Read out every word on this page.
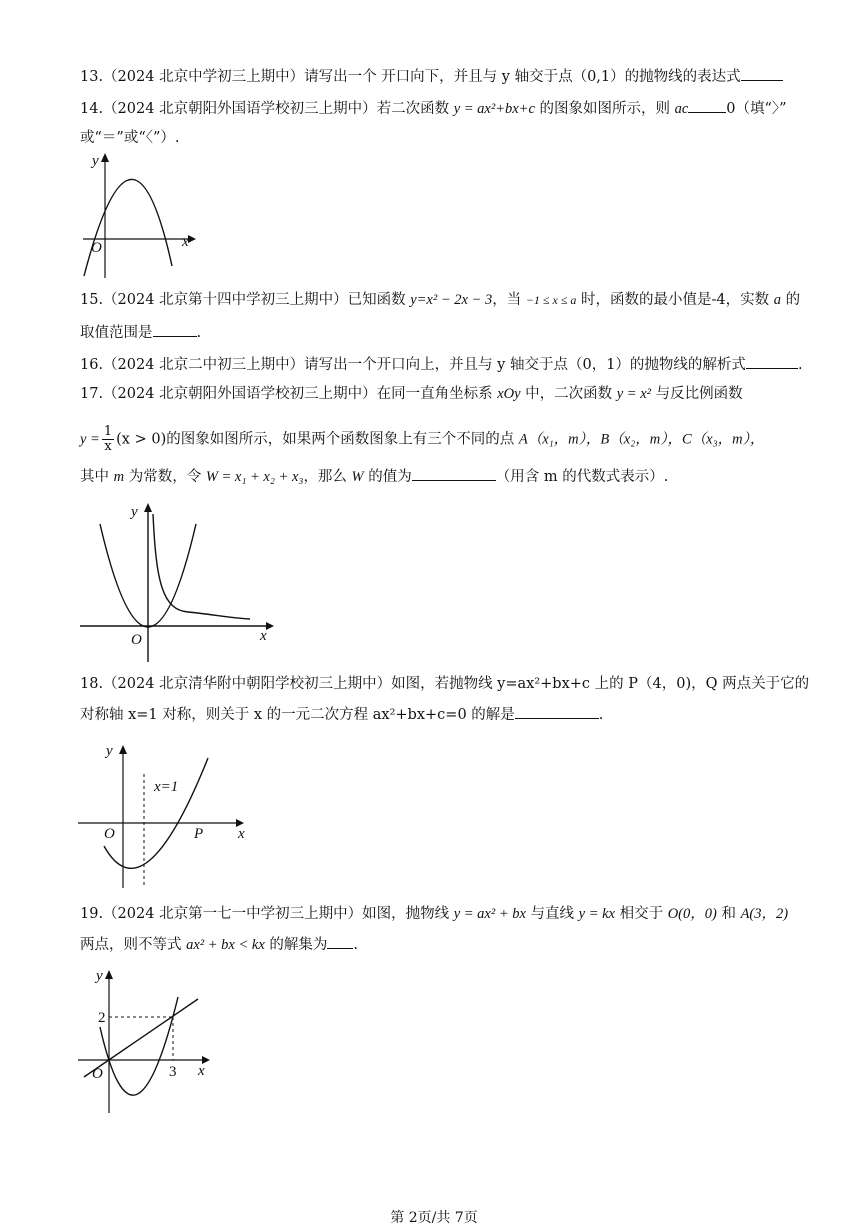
13.（2024 北京中学初三上期中）请写出一个 开口向下，并且与 y 轴交于点（0,1）的抛物线的表达式
14.（2024 北京朝阳外国语学校初三上期中）若二次函数 y = ax²+bx+c 的图象如图所示，则 ac	0（填“〉”
或“＝”或“〈”）.
y
x
O
15.（2024 北京第十四中学初三上期中）已知函数 y=x² − 2x − 3，当 −1 ≤ x ≤ a 时，函数的最小值是-4，实数 a 的
取值范围是	.
16.（2024 北京二中初三上期中）请写出一个开口向上，并且与 y 轴交于点（0，1）的抛物线的解析式	.
17.（2024 北京朝阳外国语学校初三上期中）在同一直角坐标系 xOy 中，二次函数 y = x² 与反比例函数
$y = \frac{1}{x} (x > 0)$的图象如图所示，如果两个函数图象上有三个不同的点 A（x₁，m），B（x₂，m），C（x₃，m），
其中 m 为常数，令 W = x₁ + x₂ + x₃，那么 W 的值为	（用含 m 的代数式表示）.
y
x
O
18.（2024 北京清华附中朝阳学校初三上期中）如图，若抛物线 y=ax²+bx+c 上的 P（4，0)，Q 两点关于它的
对称轴 x=1 对称，则关于 x 的一元二次方程 ax²+bx+c=0 的解是	.
y
x
O	P
x=1
19.（2024 北京第一七一中学初三上期中）如图，抛物线 y = ax² + bx 与直线 y = kx 相交于 O(0，0) 和 A(3，2)
两点，则不等式 ax² + bx < kx 的解集为 .
y
x
O
2
3
第 2页/共 7页
